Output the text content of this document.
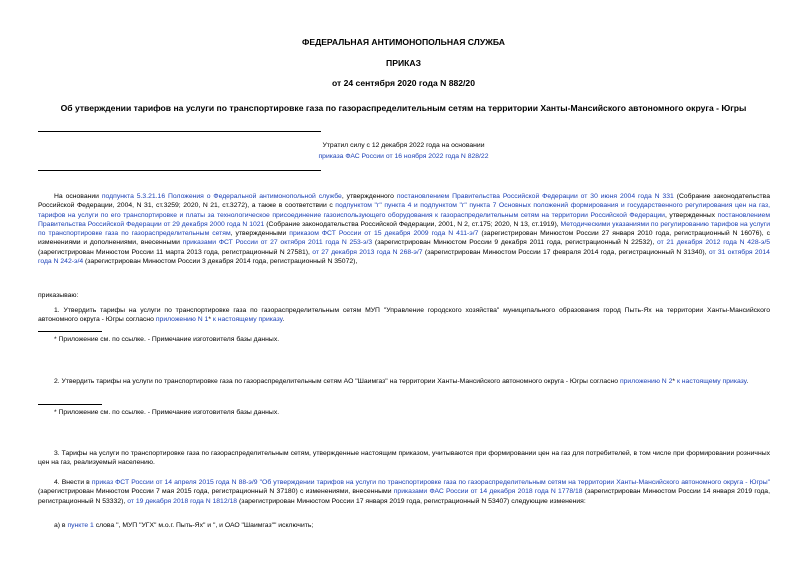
ФЕДЕРАЛЬНАЯ АНТИМОНОПОЛЬНАЯ СЛУЖБА
ПРИКАЗ
от 24 сентября 2020 года N 882/20
Об утверждении тарифов на услуги по транспортировке газа по газораспределительным сетям на территории Ханты-Мансийского автономного округа - Югры
Утратил силу с 12 декабря 2022 года на основании
приказа ФАС России от 16 ноября 2022 года N 828/22
На основании подпункта 5.3.21.16 Положения о Федеральной антимонопольной службе, утвержденного постановлением Правительства Российской Федерации от 30 июня 2004 года N 331 (Собрание законодательства Российской Федерации, 2004, N 31, ст.3259; 2020, N 21, ст.3272), а также в соответствии с подпунктом "г" пункта 4 и подпунктом "г" пункта 7 Основных положений формирования и государственного регулирования цен на газ, тарифов на услуги по его транспортировке и платы за технологическое присоединение газоиспользующего оборудования к газораспределительным сетям на территории Российской Федерации, утвержденных постановлением Правительства Российской Федерации от 29 декабря 2000 года N 1021 (Собрание законодательства Российской Федерации, 2001, N 2, ст.175; 2020, N 13, ст.1919), Методическими указаниями по регулированию тарифов на услуги по транспортировке газа по газораспределительным сетям, утвержденными приказом ФСТ России от 15 декабря 2009 года N 411-э/7 (зарегистрирован Минюстом России 27 января 2010 года, регистрационный N 16076), с изменениями и дополнениями, внесенными приказами ФСТ России от 27 октября 2011 года N 253-э/3 (зарегистрирован Минюстом России 9 декабря 2011 года, регистрационный N 22532), от 21 декабря 2012 года N 428-э/5 (зарегистрирован Минюстом России 11 марта 2013 года, регистрационный N 27581), от 27 декабря 2013 года N 268-э/7 (зарегистрирован Минюстом России 17 февраля 2014 года, регистрационный N 31340), от 31 октября 2014 года N 242-э/4 (зарегистрирован Минюстом России 3 декабря 2014 года, регистрационный N 35072),
приказываю:
1. Утвердить тарифы на услуги по транспортировке газа по газораспределительным сетям МУП "Управление городского хозяйства" муниципального образования город Пыть-Ях на территории Ханты-Мансийского автономного округа - Югры согласно приложению N 1* к настоящему приказу.
* Приложение см. по ссылке. - Примечание изготовителя базы данных.
2. Утвердить тарифы на услуги по транспортировке газа по газораспределительным сетям АО "Шаимгаз" на территории Ханты-Мансийского автономного округа - Югры согласно приложению N 2* к настоящему приказу.
* Приложение см. по ссылке. - Примечание изготовителя базы данных.
3. Тарифы на услуги по транспортировке газа по газораспределительным сетям, утвержденные настоящим приказом, учитываются при формировании цен на газ для потребителей, в том числе при формировании розничных цен на газ, реализуемый населению.
4. Внести в приказ ФСТ России от 14 апреля 2015 года N 88-э/9 "Об утверждении тарифов на услуги по транспортировке газа по газораспределительным сетям на территории Ханты-Мансийского автономного округа - Югры" (зарегистрирован Минюстом России 7 мая 2015 года, регистрационный N 37180) с изменениями, внесенными приказами ФАС России от 14 декабря 2018 года N 1778/18 (зарегистрирован Минюстом России 14 января 2019 года, регистрационный N 53332), от 19 декабря 2018 года N 1812/18 (зарегистрирован Минюстом России 17 января 2019 года, регистрационный N 53407) следующие изменения:
а) в пункте 1 слова ", МУП "УГХ" м.о.г. Пыть-Ях" и ", и ОАО "Шаимгаз"" исключить;
